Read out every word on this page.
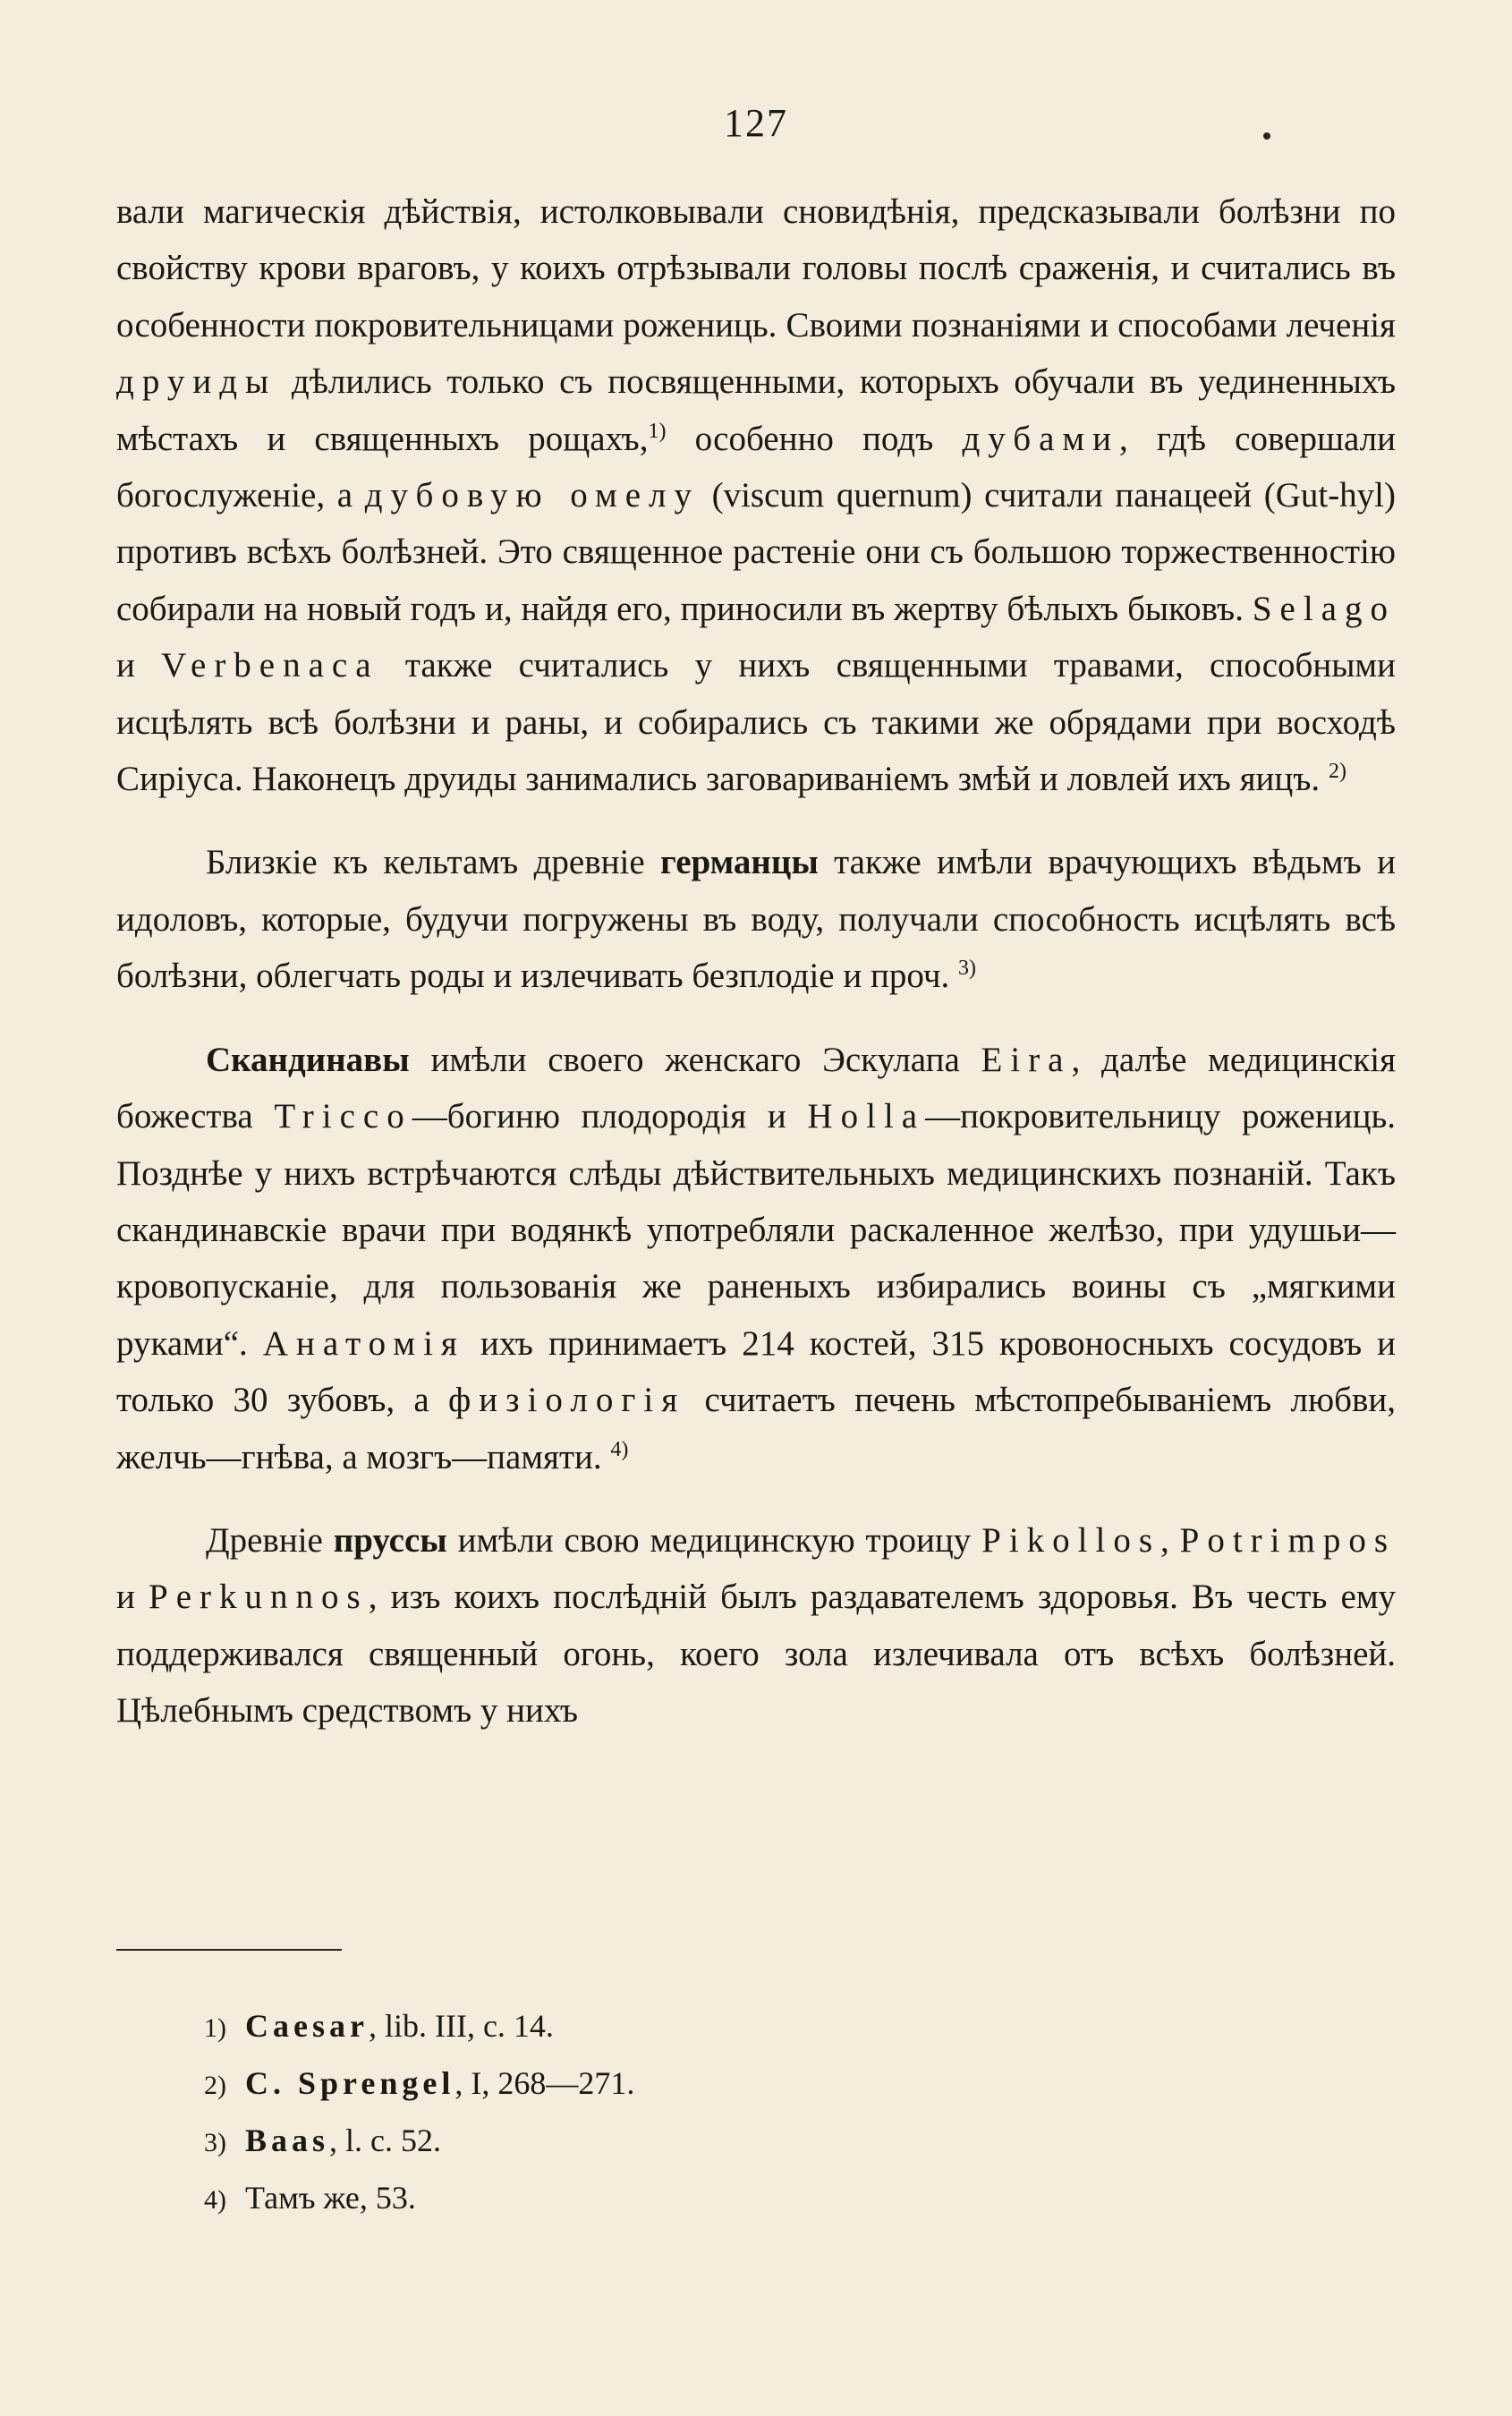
127

вали магическія дѣйствія, истолковывали сновидѣнія, предсказывали болѣзни по свойству крови враговъ, у коихъ отрѣзывали головы послѣ сраженія, и считались въ особенности покровительницами рожениць. Своими познаніями и способами леченія друиды дѣлились только съ посвященными, которыхъ обучали въ уединенныхъ мѣстахъ и священныхъ рощахъ,$^{1)}$ особенно подъ дубами, гдѣ совершали богослуженіе, а дубовую омелу (viscum quernum) считали панацеей (Gut-hyl) противъ всѣхъ болѣзней. Это священное растеніе они съ большою торжественностію собирали на новый годъ и, найдя его, приносили въ жертву бѣлыхъ быковъ. Selago и Verbenaca также считались у нихъ священными травами, способными исцѣлять всѣ болѣзни и раны, и собирались съ такими же обрядами при восходѣ Сиріуса. Наконецъ друиды занимались заговариваніемъ змѣй и ловлей ихъ яицъ. $^{2)}$

Близкіе къ кельтамъ древніе германцы также имѣли врачующихъ вѣдьмъ и идоловъ, которые, будучи погружены въ воду, получали способность исцѣлять всѣ болѣзни, облегчать роды и излечивать безплодіе и проч. $^{3)}$

Скандинавы имѣли своего женскаго Эскулапа Eira, далѣе медицинскія божества Tricco—богиню плодородія и Holla—покровительницу рожениць. Позднѣе у нихъ встрѣчаются слѣды дѣйствительныхъ медицинскихъ познаній. Такъ скандинавскіе врачи при водянкѣ употребляли раскаленное желѣзо, при удушьи—кровопусканіе, для пользованія же раненыхъ избирались воины съ „мягкими руками“. Анатомія ихъ принимаетъ 214 костей, 315 кровоносныхъ сосудовъ и только 30 зубовъ, а физіологія считаетъ печень мѣстопребываніемъ любви, желчь—гнѣва, а мозгъ—памяти. $^{4)}$

Древніе пруссы имѣли свою медицинскую троицу Pikollos, Potrimpos и Perkunnos, изъ коихъ послѣдній былъ раздавателемъ здоровья. Въ честь ему поддерживался священный огонь, коего зола излечивала отъ всѣхъ болѣзней. Цѣлебнымъ средствомъ у нихъ

1) Caesar, lib. III, c. 14.
2) C. Sprengel, I, 268—271.
3) Baas, l. c. 52.
4) Тамъ же, 53.
